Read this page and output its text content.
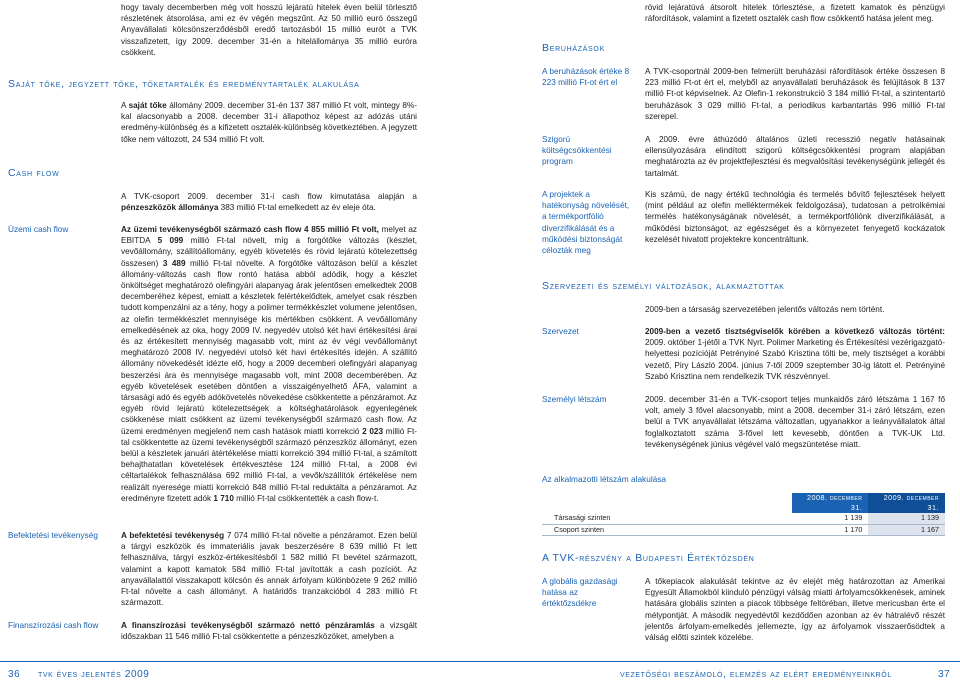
hogy tavaly decemberben még volt hosszú lejáratú hitelek éven belül törlesztő részletének átsorolása, ami ez év végén megszűnt. Az 50 millió euró összegű Anyavállalati kölcsönszerződésből eredő tartozásból 15 millió eurót a TVK visszafizetett, így 2009. december 31-én a hitelállománya 35 millió euróra csökkent.

Saját tőke, jegyzett tőke, tőketartalék és eredménytartalék alakulása

A saját tőke állomány 2009. december 31-én 137 387 millió Ft volt, mintegy 8%-kal alacsonyabb a 2008. december 31-i állapothoz képest az adózás utáni eredmény-különbség és a kifizetett osztalék-különbség következtében. A jegyzett tőke nem változott, 24 534 millió Ft volt.

Cash flow

A TVK-csoport 2009. december 31-i cash flow kimutatása alapján a pénzeszközök állománya 383 millió Ft-tal emelkedett az év eleje óta.

Üzemi cash flow	Az üzemi tevékenységből származó cash flow 4 855 millió Ft volt, melyet az EBITDA 5 099 millió Ft-tal növelt, míg a forgótőke változás (készlet, vevőállomány, szállítóállomány, egyéb követelés és rövid lejáratú kötelezettség összesen) 3 489 millió Ft-tal növelte. A forgótőke változáson belül a készlet állomány-változás cash flow rontó hatása abból adódik, hogy a készlet önköltséget meghatározó olefingyári alapanyag árak jelentősen emelkedtek 2008 decemberéhez képest, emiatt a készletek felértékelődtek, amelyet csak részben tudott kompenzálni az a tény, hogy a polimer termékkészlet volumene jelentősen, az olefin termékkészlet mennyisége kis mértékben csökkent. A vevőállomány emelkedésének az oka, hogy 2009 IV. negyedév utolsó két havi értékesítési árai és az értékesített mennyiség magasabb volt, mint az év végi vevőállományt meghatározó 2008 IV. negyedévi utolsó két havi értékesítés idején. A szállító állomány növekedését idézte elő, hogy a 2009 decemberi olefingyári alapanyag beszerzési ára és mennyisége magasabb volt, mint 2008 decemberében. Az egyéb követelések esetében döntően a visszaigényelhető ÁFA, valamint a társasági adó és egyéb adókövetelés növekedése csökkentette a pénzáramot. Az egyéb rövid lejáratú kötelezettségek a költséghatárolások egyenlegének csökkenése miatt csökkent az üzemi tevékenységből származó cash flow. Az üzemi eredményen megjelenő nem cash hatások miatti korrekció 2 023 millió Ft-tal csökkentette az üzemi tevékenységből származó pénzeszköz állományt, ezen belül a készletek januári átértékelése miatti korrekció 394 millió Ft-tal, a számított behajthatatlan követelések értékvesztése 124 millió Ft-tal, a 2008 évi céltartalékok felhasználása 692 millió Ft-tal, a vevők/szállítók értékelése nem realizált nyeresége miatti korrekció 848 millió Ft-tal reduktálta a pénzáramot. Az eredményre fizetett adók 1 710 millió Ft-tal csökkentették a cash flow-t.

Befektetési tevékenység	A befektetési tevékenység 7 074 millió Ft-tal növelte a pénzáramot. Ezen belül a tárgyi eszközök és immateriális javak beszerzésére 8 639 millió Ft lett felhasználva, tárgyi eszköz-értékesítésből 1 582 millió Ft bevétel származott, valamint a kapott kamatok 584 millió Ft-tal javították a cash pozíciót. Az anyavállalattól visszakapott kölcsön és annak árfolyam különbözete 9 262 millió Ft-tal növelte a cash állományt. A határidős tranzakcióból 4 283 millió Ft származott.

Finanszírozási cash flow	A finanszírozási tevékenységből származó nettó pénzáramlás a vizsgált időszakban 11 546 millió Ft-tal csökkentette a pénzeszközöket, amelyben a

rövid lejáratúvá átsorolt hitelek törlesztése, a fizetett kamatok és pénzügyi ráfordítások, valamint a fizetett osztalék cash flow csökkentő hatása jelent meg.

Beruházások
A beruházások értéke 8 223 millió Ft-ot ért el

A TVK-csoportnál 2009-ben felmerült beruházási ráfordítások értéke összesen 8 223 millió Ft-ot ért el, melyből az anyavállalati beruházások és felújítások 8 137 millió Ft-ot képviselnek. Az Olefin-1 rekonstrukció 3 184 millió Ft-tal, a szintentartó beruházások 3 029 millió Ft-tal, a periodikus karbantartás 996 millió Ft-tal szerepel.

Szigorú költségcsökkentési program

A 2009. évre áthúzódó általános üzleti recesszió negatív hatásainak ellensúlyozására elindított szigorú költségcsökkentési program alapjában meghatározta az év projektfejlesztési és megvalósítási tevékenységünk jellegét és tartalmát.

A projektek a hatékonyság növelését, a termékportfólió diverzifikálását és a működési biztonságát célozták meg

Kis számú, de nagy értékű technológia és termelés bővítő fejlesztések helyett (mint például az olefin melléktermékek feldolgozása), tudatosan a petrolkémiai termelés hatékonyságának növelését, a termékportfóliónk diverzifikálását, a működési biztonságot, az egészséget és a környezetet fenyegető kockázatok kezelését hivatott projektekre koncentráltunk.

Szervezeti és személyi változások, alakmaztottak

2009-ben a társaság szervezetében jelentős változás nem történt.

Szervezet	2009-ben a vezető tisztségviselők körében a következő változás történt: 2009. október 1-jétől a TVK Nyrt. Polimer Marketing és Értékesítési vezérigazgató-helyettesi pozícióját Petrényiné Szabó Krisztina tölti be, mely tisztséget a korábbi vezető, Piry László 2004. június 7-től 2009 szeptember 30-ig látott el. Petrényiné Szabó Krisztina nem rendelkezik TVK részvénnyel.

Személyi létszám	2009. december 31-én a TVK-csoport teljes munkaidős záró létszáma 1 167 fő volt, amely 3 fővel alacsonyabb, mint a 2008. december 31-i záró létszám, ezen belül a TVK anyavállalat létszáma változatlan, ugyanakkor a leányvállalatok által foglalkoztatott száma 3-fővel lett kevesebb, döntően a TVK-UK Ltd. tevékenységének június végével való megszüntetése miatt.

Az alkalmazotti létszám alakulása
	2008. december 31.	2009. december 31.
Társasági szinten	1 139	1 139
Csoport szinten	1 170	1 167
A TVK-részvény a Budapesti Értéktőzsdén
A globális gazdasági hatása az értéktőzsdékre

A tőkepiacok alakulását tekintve az év elejét még határozottan az Amerikai Egyesült Államokból kiinduló pénzügyi válság miatti árfolyamcsökkenések, aminek hatására globális szinten a piacok többsége feltöréban, illetve mericusban érte el mélypontját. A második negyedévtől kezdődően azonban az év hátralévő részét jelentős árfolyam-emelkedés jellemezte, így az árfolyamok visszaerősödtek a válság előtti szintek közelébe.

36 tvk éves jelentés 2009	vezetőségi beszámoló, elemzés az elért eredményeinkről	37
